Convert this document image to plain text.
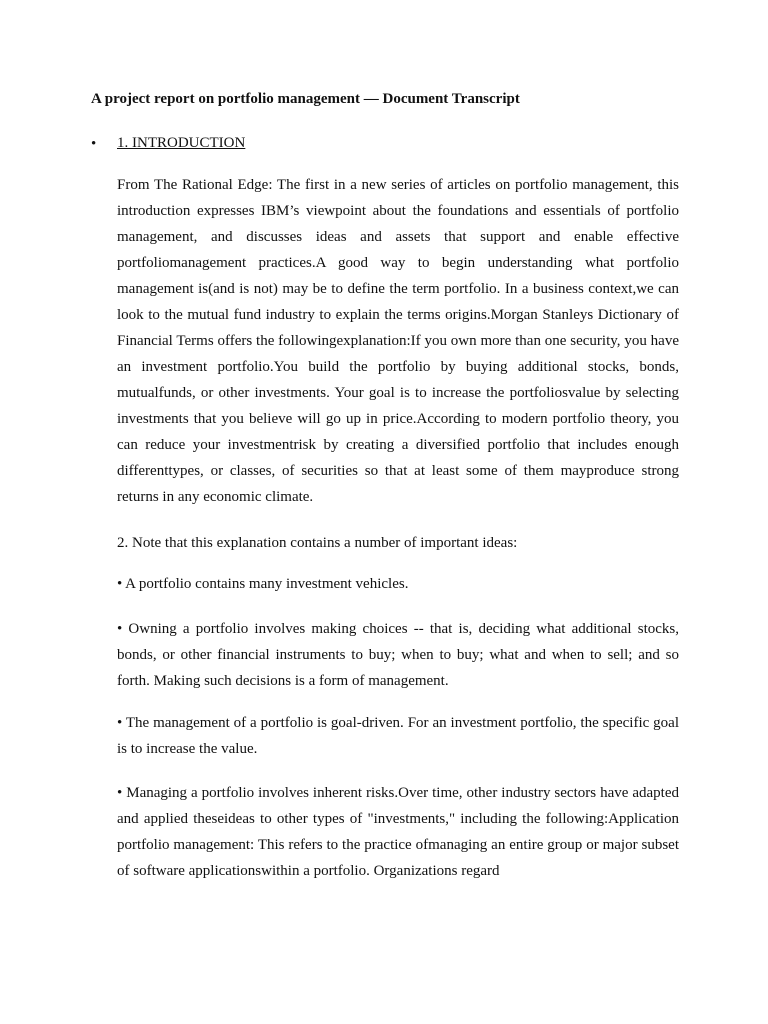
A project report on portfolio management — Document Transcript
• 1. INTRODUCTION

From The Rational Edge: The first in a new series of articles on portfolio management, this introduction expresses IBM’s viewpoint about the foundations and essentials of portfolio management, and discusses ideas and assets that support and enable effective portfoliomanagement practices.A good way to begin understanding what portfolio management is(and is not) may be to define the term portfolio. In a business context,we can look to the mutual fund industry to explain the terms origins.Morgan Stanleys Dictionary of Financial Terms offers the followingexplanation:If you own more than one security, you have an investment portfolio.You build the portfolio by buying additional stocks, bonds, mutualfunds, or other investments. Your goal is to increase the portfoliosvalue by selecting investments that you believe will go up in price.According to modern portfolio theory, you can reduce your investmentrisk by creating a diversified portfolio that includes enough differenttypes, or classes, of securities so that at least some of them mayproduce strong returns in any economic climate.

2. Note that this explanation contains a number of important ideas:

• A portfolio contains many investment vehicles.

• Owning a portfolio involves making choices -- that is, deciding what additional stocks, bonds, or other financial instruments to buy; when to buy; what and when to sell; and so forth. Making such decisions is a form of management.

• The management of a portfolio is goal-driven. For an investment portfolio, the specific goal is to increase the value.

• Managing a portfolio involves inherent risks.Over time, other industry sectors have adapted and applied theseideas to other types of "investments," including the following:Application portfolio management: This refers to the practice ofmanaging an entire group or major subset of software applicationswithin a portfolio. Organizations regard
